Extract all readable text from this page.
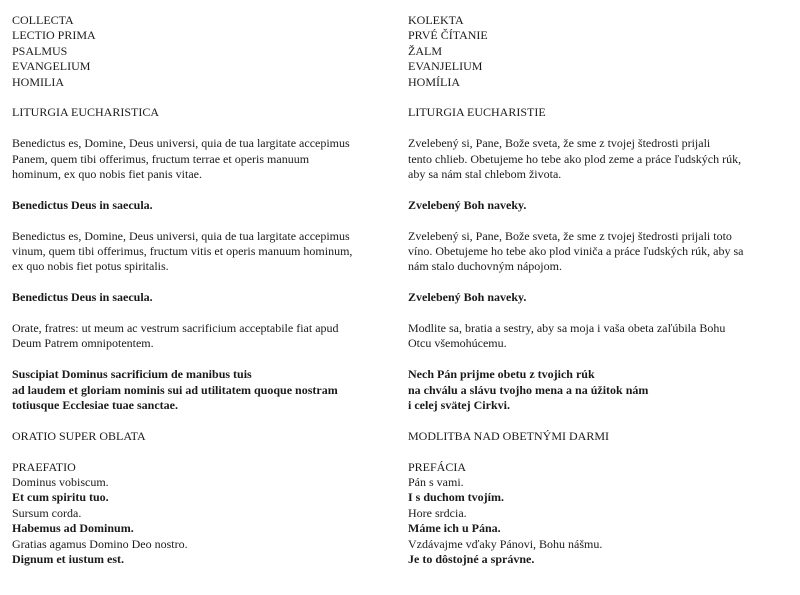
COLLECTA
LECTIO PRIMA
PSALMUS
EVANGELIUM
HOMILIA
LITURGIA EUCHARISTICA
Benedictus es, Domine, Deus universi, quia de tua largitate accepimus
Panem, quem tibi offerimus, fructum terrae et operis manuum
hominum, ex quo nobis fiet panis vitae.
Benedictus Deus in saecula.
Benedictus es, Domine, Deus universi, quia de tua largitate accepimus
vinum, quem tibi offerimus, fructum vitis et operis manuum hominum,
ex quo nobis fiet potus spiritalis.
Benedictus Deus in saecula.
Orate, fratres: ut meum ac vestrum sacrificium acceptabile fiat apud
Deum Patrem omnipotentem.
Suscipiat Dominus sacrificium de manibus tuis
ad laudem et gloriam nominis sui ad utilitatem quoque nostram
totiusque Ecclesiae tuae sanctae.
ORATIO SUPER OBLATA
PRAEFATIO
Dominus vobiscum.
Et cum spiritu tuo.
Sursum corda.
Habemus ad Dominum.
Gratias agamus Domino Deo nostro.
Dignum et iustum est.
KOLEKTA
PRVÉ ČÍTANIE
ŽALM
EVANJELIUM
HOMÍLIA
LITURGIA EUCHARISTIE
Zvelebený si, Pane, Bože sveta, že sme z tvojej štedrosti prijali
tento chlieb. Obetujeme ho tebe ako plod zeme a práce ľudských rúk,
aby sa nám stal chlebom života.
Zvelebený Boh naveky.
Zvelebený si, Pane, Bože sveta, že sme z tvojej štedrosti prijali toto
víno. Obetujeme ho tebe ako plod viniča a práce ľudských rúk, aby sa
nám stalo duchovným nápojom.
Zvelebený Boh naveky.
Modlite sa, bratia a sestry, aby sa moja i vaša obeta zaľúbila Bohu
Otcu všemohúcemu.
Nech Pán prijme obetu z tvojich rúk
na chválu a slávu tvojho mena a na úžitok nám
i celej svätej Cirkvi.
MODLITBA NAD OBETNÝMI DARMI
PREFÁCIA
Pán s vami.
I s duchom tvojím.
Hore srdcia.
Máme ich u Pána.
Vzdávajme vďaky Pánovi, Bohu nášmu.
Je to dôstojné a správne.
